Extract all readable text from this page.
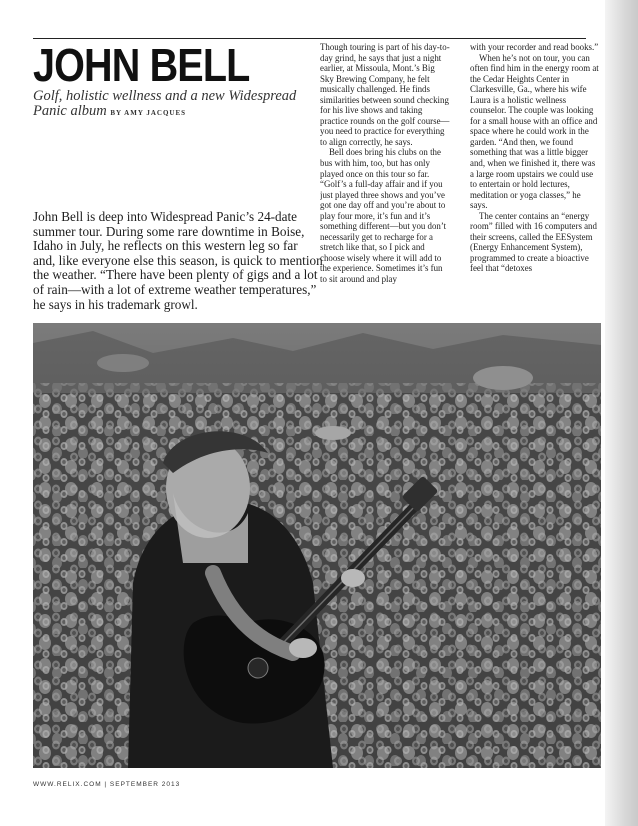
JOHN BELL
Golf, holistic wellness and a new Widespread Panic album BY AMY JACQUES

John Bell is deep into Widespread Panic’s 24-date summer tour. During some rare downtime in Boise, Idaho in July, he reflects on this western leg so far and, like everyone else this season, is quick to mention the weather. “There have been plenty of gigs and a lot of rain—with a lot of extreme weather temperatures,” he says in his trademark growl.

Though touring is part of his day-to-day grind, he says that just a night earlier, at Missoula, Mont.’s Big Sky Brewing Company, he felt musically challenged. He finds similarities between sound checking for his live shows and taking practice rounds on the golf course—you need to practice for everything to align correctly, he says.

Bell does bring his clubs on the bus with him, too, but has only played once on this tour so far. “Golf’s a full-day affair and if you just played three shows and you’ve got one day off and you’re about to play four more, it’s fun and it’s something different—but you don’t necessarily get to recharge for a stretch like that, so I pick and choose wisely where it will add to the experience. Sometimes it’s fun to sit around and play

with your recorder and read books.”

When he’s not on tour, you can often find him in the energy room at the Cedar Heights Center in Clarkesville, Ga., where his wife Laura is a holistic wellness counselor. The couple was looking for a small house with an office and space where he could work in the garden. “And then, we found something that was a little bigger and, when we finished it, there was a large room upstairs we could use to entertain or hold lectures, meditation or yoga classes,” he says.

The center contains an “energy room” filled with 16 computers and their screens, called the EESystem (Energy Enhancement System), programmed to create a bioactive feel that “detoxes

WWW.RELIX.COM | SEPTEMBER 2013
